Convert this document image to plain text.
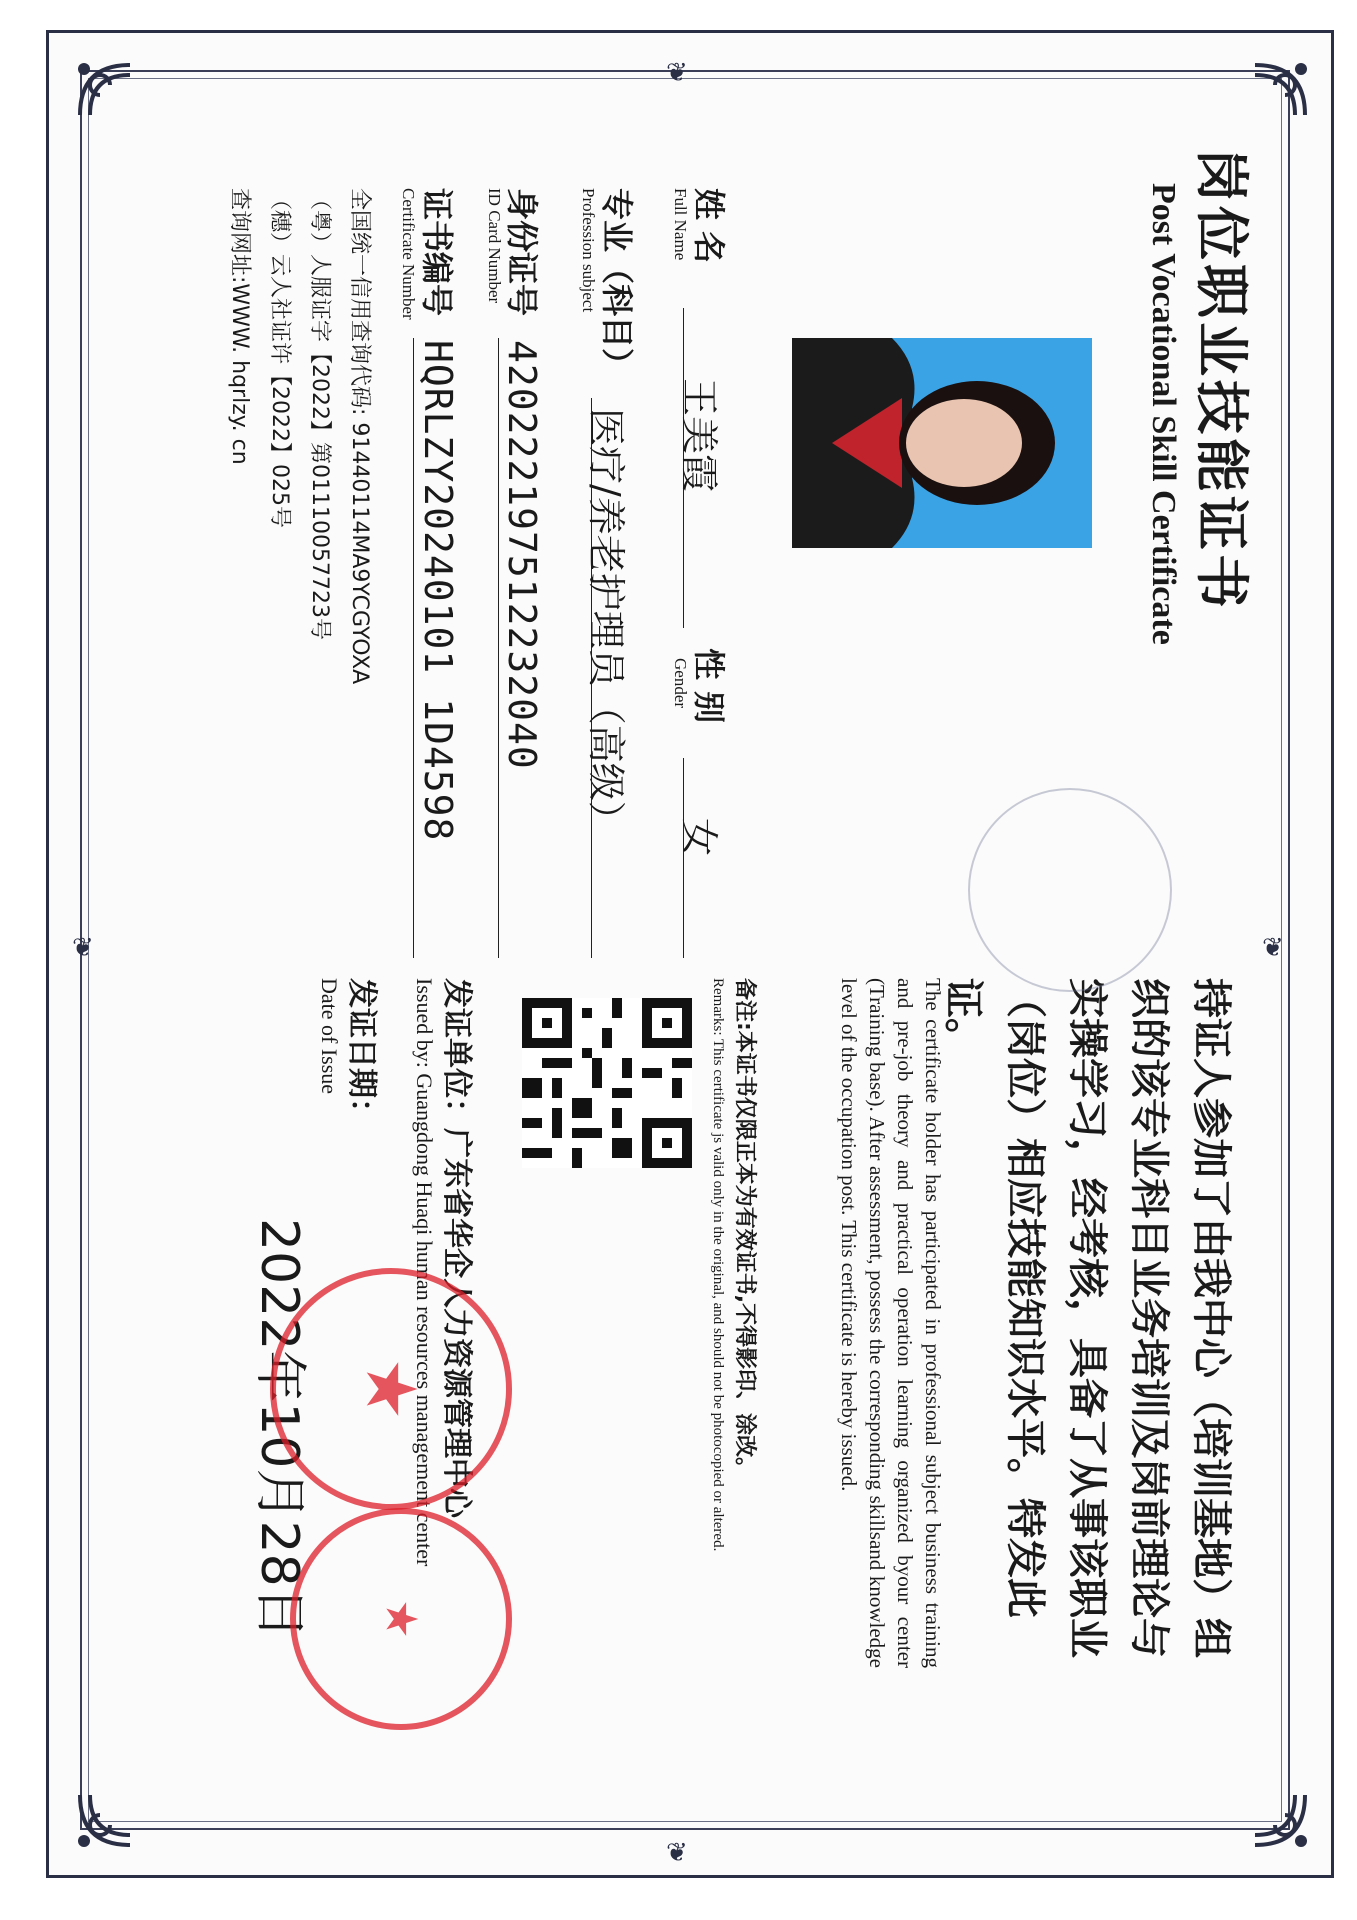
❦
❦
❦	❦
岗位职业技能证书
Post Vocational Skill Certificate
姓 名
Full Name
王美霞
性 别
Gender
女
专业（科目）
Profession subject
医疗/养老护理员（高级）
身份证号
ID Card Number
420222197512232040
证书编号
Certificate Number
HQRLZY20240101 1D4598
全国统一信用查询代码: 91440114MA9YCGYOXA
（粤）人服证字【2022】第01110057723号
（穗）云人社证许【2022】025号
查询网址:WWW. hqrlzy. cn
持证人参加了由我中心（培训基地）组织的该专业科目业务培训及岗前理论与实操学习，经考核，具备了从事该职业（岗位）相应技能知识水平。特发此证。
The certificate holder has participated in professional subject business training and pre-job theory and practical operation learning organized byour center (Training base). After assessment, possess the corresponding skillsand knowledge level of the occupation post. This certificate is hereby issued.
备注:本证书仅限正本为有效证书,不得影印、涂改。
Remarks: This certificate js valid only in the original, and should not be photocopied or altered.
发证单位：广东省华企人力资源管理中心
Issued by: Guangdong Huaqi human resources management center
发证日期：
Date of Issue
2022年10月28日 ★
★
